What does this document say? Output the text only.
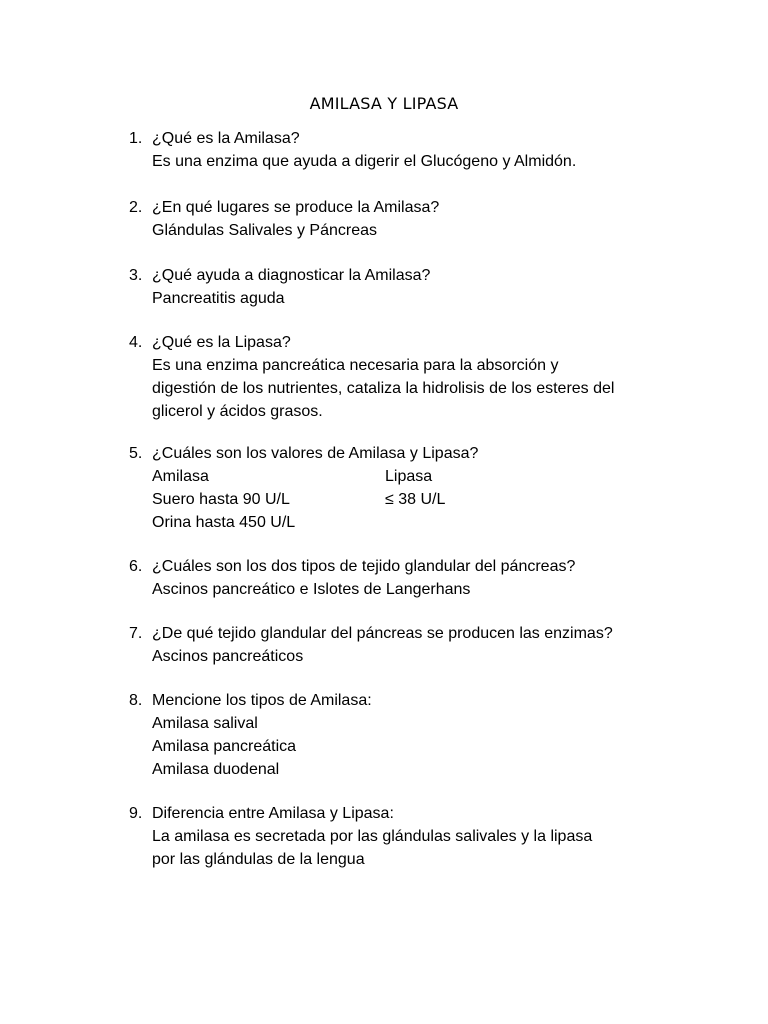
AMILASA Y LIPASA
1. ¿Qué es la Amilasa?
Es una enzima que ayuda a digerir el Glucógeno y Almidón.
2. ¿En qué lugares se produce la Amilasa?
Glándulas Salivales y Páncreas
3. ¿Qué ayuda a diagnosticar la Amilasa?
Pancreatitis aguda
4. ¿Qué es la Lipasa?
Es una enzima pancreática necesaria para la absorción y
digestión de los nutrientes, cataliza la hidrolisis de los esteres del
glicerol y ácidos grasos.
5. ¿Cuáles son los valores de Amilasa y Lipasa?
Amilasa	Lipasa
Suero hasta 90 U/L	≤ 38 U/L
Orina hasta 450 U/L
6. ¿Cuáles son los dos tipos de tejido glandular del páncreas?
Ascinos pancreático e Islotes de Langerhans
7. ¿De qué tejido glandular del páncreas se producen las enzimas?
Ascinos pancreáticos
8. Mencione los tipos de Amilasa:
Amilasa salival
Amilasa pancreática
Amilasa duodenal
9. Diferencia entre Amilasa y Lipasa:
La amilasa es secretada por las glándulas salivales y la lipasa
por las glándulas de la lengua
